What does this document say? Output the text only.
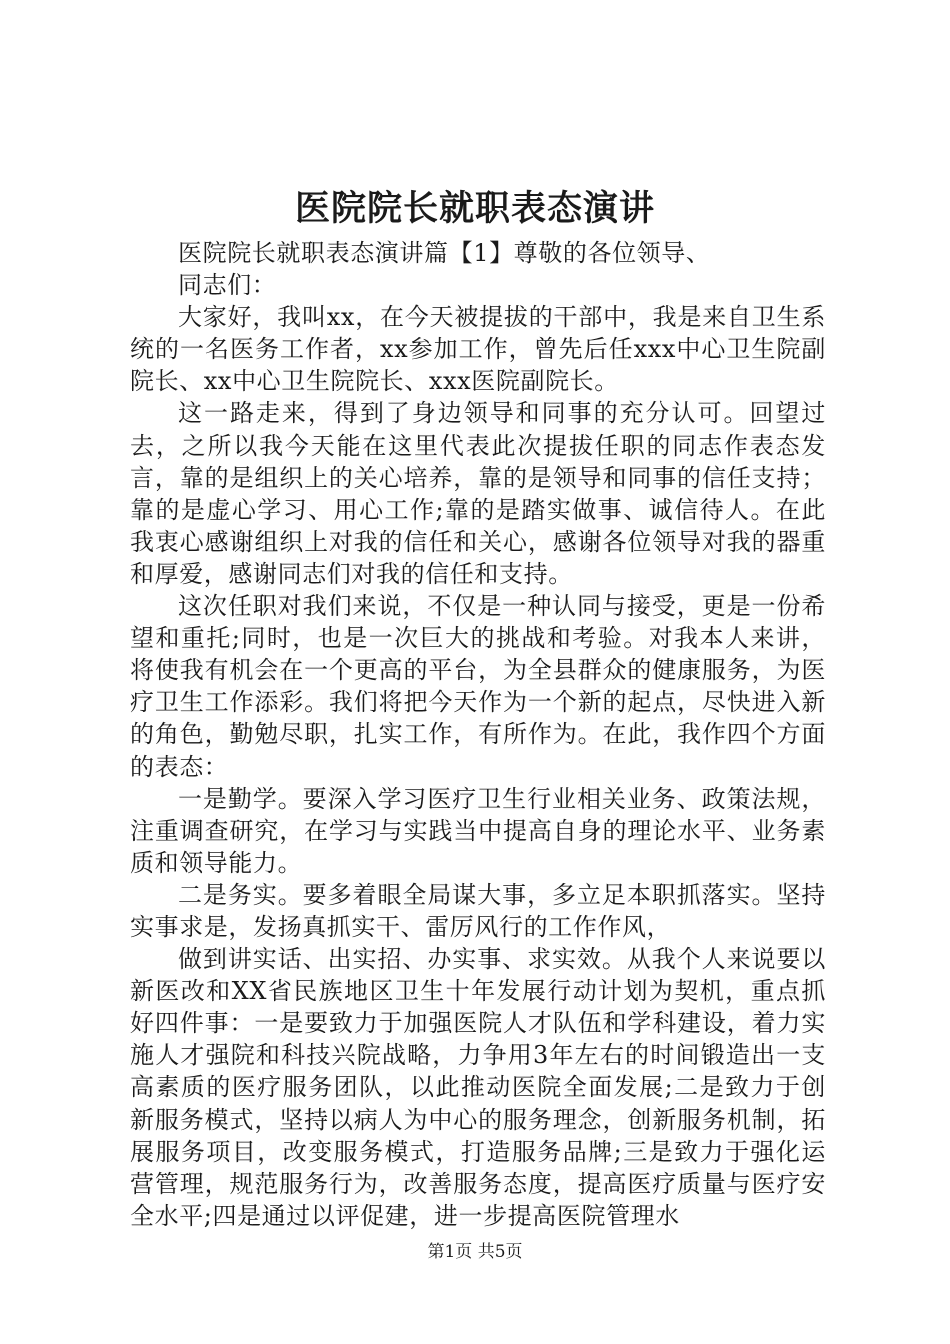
医院院长就职表态演讲

医院院长就职表态演讲篇【1】尊敬的各位领导、

同志们：

大家好，我叫xx，在今天被提拔的干部中，我是来自卫生系统的一名医务工作者，xx参加工作，曾先后任xxx中心卫生院副院长、xx中心卫生院院长、xxx医院副院长。

这一路走来，得到了身边领导和同事的充分认可。回望过去，之所以我今天能在这里代表此次提拔任职的同志作表态发言，靠的是组织上的关心培养，靠的是领导和同事的信任支持；靠的是虚心学习、用心工作;靠的是踏实做事、诚信待人。在此我衷心感谢组织上对我的信任和关心，感谢各位领导对我的器重和厚爱，感谢同志们对我的信任和支持。

这次任职对我们来说，不仅是一种认同与接受，更是一份希望和重托;同时，也是一次巨大的挑战和考验。对我本人来讲，将使我有机会在一个更高的平台，为全县群众的健康服务，为医疗卫生工作添彩。我们将把今天作为一个新的起点，尽快进入新的角色，勤勉尽职，扎实工作，有所作为。在此，我作四个方面的表态：

一是勤学。要深入学习医疗卫生行业相关业务、政策法规，注重调查研究，在学习与实践当中提高自身的理论水平、业务素质和领导能力。

二是务实。要多着眼全局谋大事，多立足本职抓落实。坚持实事求是，发扬真抓实干、雷厉风行的工作作风，

做到讲实话、出实招、办实事、求实效。从我个人来说要以新医改和XX省民族地区卫生十年发展行动计划为契机，重点抓好四件事：一是要致力于加强医院人才队伍和学科建设，着力实施人才强院和科技兴院战略，力争用3年左右的时间锻造出一支高素质的医疗服务团队，以此推动医院全面发展;二是致力于创新服务模式，坚持以病人为中心的服务理念，创新服务机制，拓展服务项目，改变服务模式，打造服务品牌;三是致力于强化运营管理，规范服务行为，改善服务态度，提高医疗质量与医疗安全水平;四是通过以评促建，进一步提高医院管理水

第1页 共5页
